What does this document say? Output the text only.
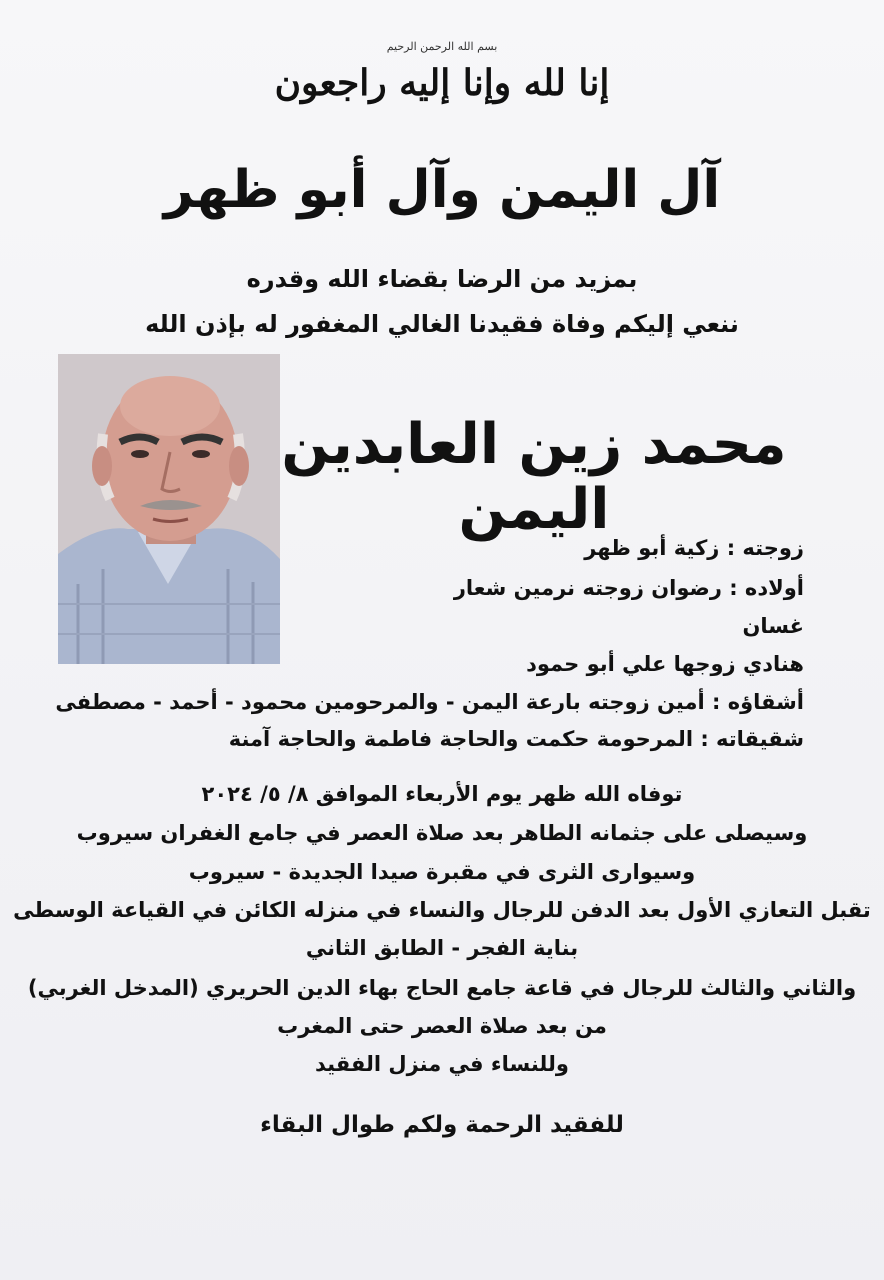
بسم الله الرحمن الرحيم
إنا لله وإنا إليه راجعون
آل اليمن وآل أبو ظهر
بمزيد من الرضا بقضاء الله وقدره
ننعي إليكم وفاة فقيدنا الغالي المغفور له بإذن الله
محمد زين العابدين اليمن
زوجته : زكية أبو ظهر
أولاده : رضوان زوجته نرمين شعار
غسان
هنادي زوجها علي أبو حمود
أشقاؤه : أمين زوجته بارعة اليمن - والمرحومين محمود - أحمد - مصطفى
شقيقاته : المرحومة حكمت والحاجة فاطمة والحاجة آمنة
توفاه الله ظهر يوم الأربعاء الموافق ٨/ ٥/ ٢٠٢٤
وسيصلى على جثمانه الطاهر بعد صلاة العصر في جامع الغفران سيروب
وسيوارى الثرى في مقبرة صيدا الجديدة - سيروب
تقبل التعازي الأول بعد الدفن للرجال والنساء في منزله الكائن في القياعة الوسطى
بناية الفجر - الطابق الثاني
والثاني والثالث للرجال في قاعة جامع الحاج بهاء الدين الحريري (المدخل الغربي)
من بعد صلاة العصر حتى المغرب
وللنساء في منزل الفقيد
للفقيد الرحمة ولكم طوال البقاء
